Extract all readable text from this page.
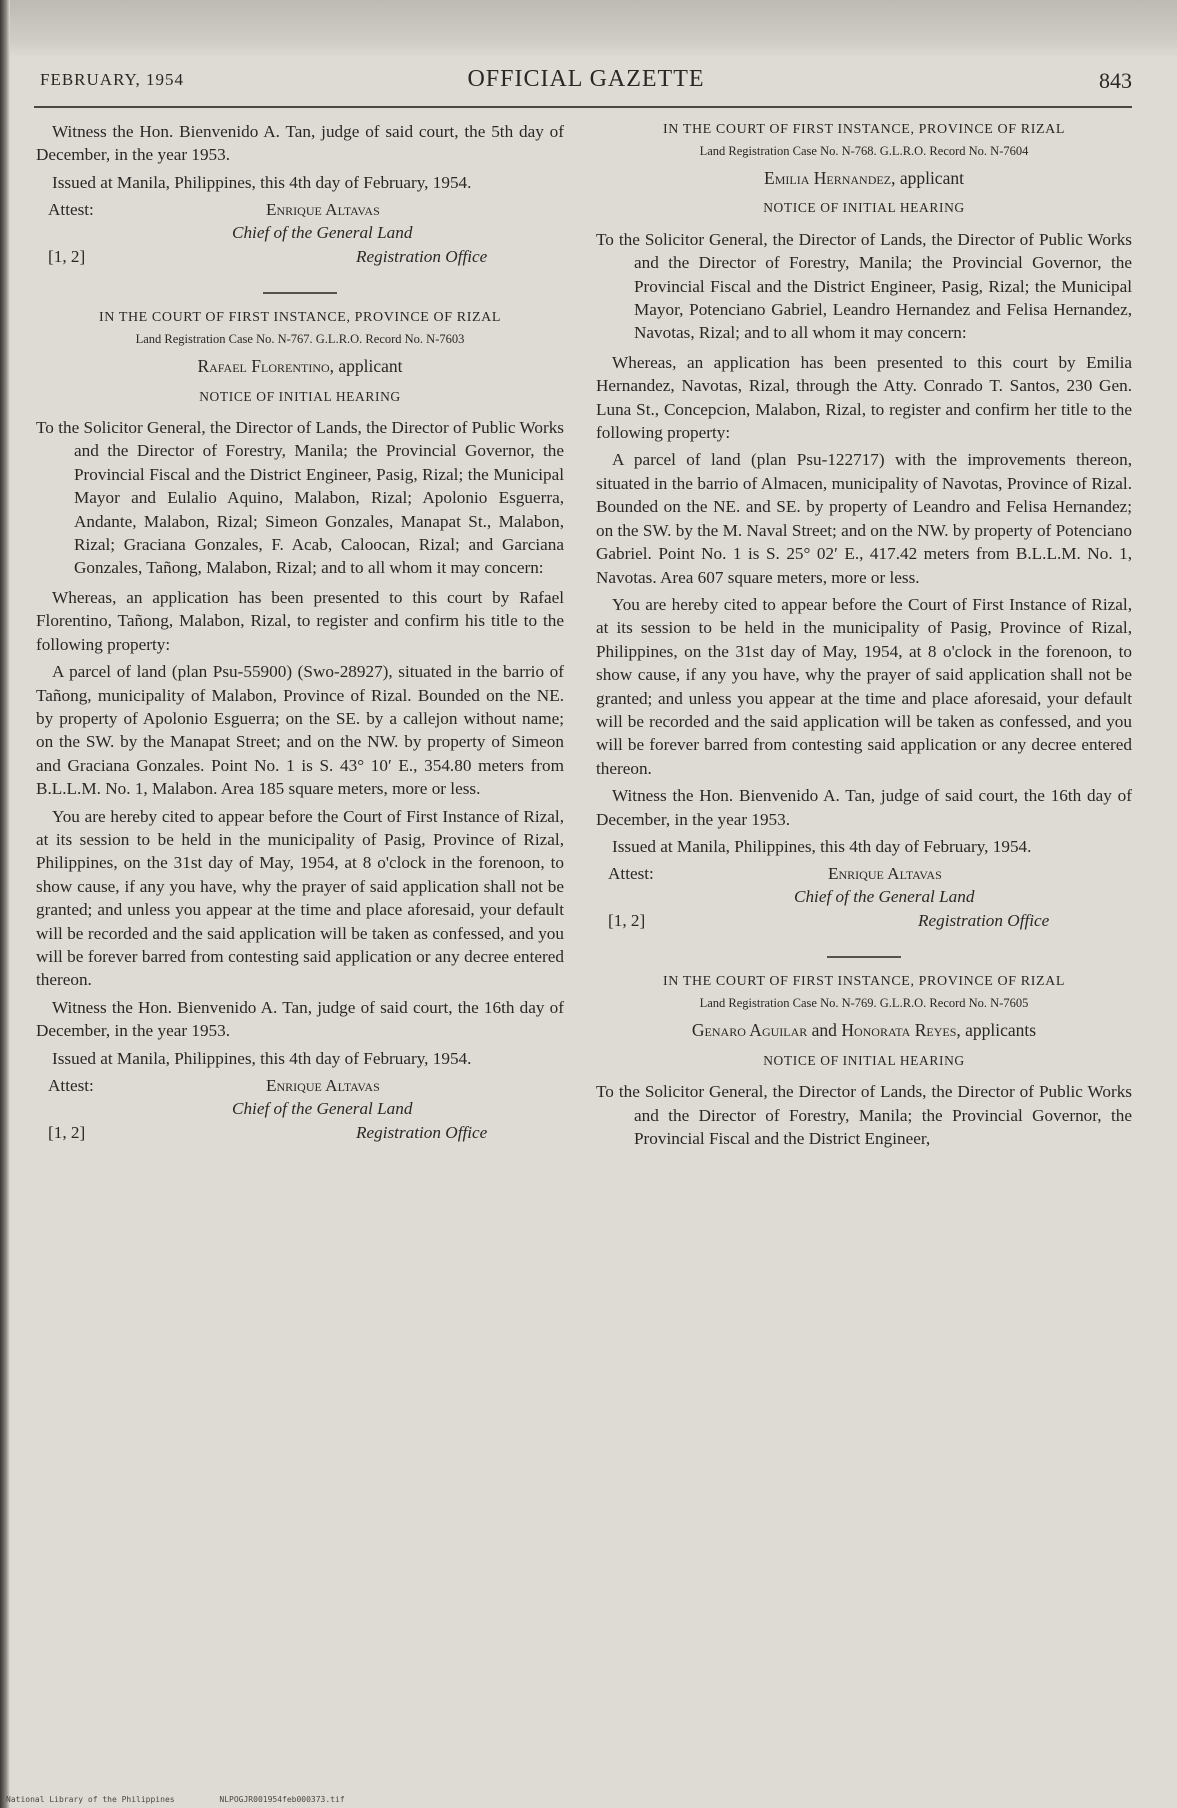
FEBRUARY, 1954	OFFICIAL GAZETTE	843

Witness the Hon. Bienvenido A. Tan, judge of said court, the 5th day of December, in the year 1953.

Issued at Manila, Philippines, this 4th day of February, 1954.

Attest:	Enrique Altavas
Chief of the General Land
[1, 2]	Registration Office
IN THE COURT OF FIRST INSTANCE, PROVINCE OF RIZAL
Land Registration Case No. N-767. G.L.R.O. Record No. N-7603
Rafael Florentino, applicant
NOTICE OF INITIAL HEARING

To the Solicitor General, the Director of Lands, the Director of Public Works and the Director of Forestry, Manila; the Provincial Governor, the Provincial Fiscal and the District Engineer, Pasig, Rizal; the Municipal Mayor and Eulalio Aquino, Malabon, Rizal; Apolonio Esguerra, Andante, Malabon, Rizal; Simeon Gonzales, Manapat St., Malabon, Rizal; Graciana Gonzales, F. Acab, Caloocan, Rizal; and Garciana Gonzales, Tañong, Malabon, Rizal; and to all whom it may concern:

Whereas, an application has been presented to this court by Rafael Florentino, Tañong, Malabon, Rizal, to register and confirm his title to the following property:

A parcel of land (plan Psu-55900) (Swo-28927), situated in the barrio of Tañong, municipality of Malabon, Province of Rizal. Bounded on the NE. by property of Apolonio Esguerra; on the SE. by a callejon without name; on the SW. by the Manapat Street; and on the NW. by property of Simeon and Graciana Gonzales. Point No. 1 is S. 43° 10′ E., 354.80 meters from B.L.L.M. No. 1, Malabon. Area 185 square meters, more or less.

You are hereby cited to appear before the Court of First Instance of Rizal, at its session to be held in the municipality of Pasig, Province of Rizal, Philippines, on the 31st day of May, 1954, at 8 o'clock in the forenoon, to show cause, if any you have, why the prayer of said application shall not be granted; and unless you appear at the time and place aforesaid, your default will be recorded and the said application will be taken as confessed, and you will be forever barred from contesting said application or any decree entered thereon.

Witness the Hon. Bienvenido A. Tan, judge of said court, the 16th day of December, in the year 1953.

Issued at Manila, Philippines, this 4th day of February, 1954.

Attest:	Enrique Altavas
Chief of the General Land
[1, 2]	Registration Office
IN THE COURT OF FIRST INSTANCE, PROVINCE OF RIZAL
Land Registration Case No. N-768. G.L.R.O. Record No. N-7604
Emilia Hernandez, applicant
NOTICE OF INITIAL HEARING

To the Solicitor General, the Director of Lands, the Director of Public Works and the Director of Forestry, Manila; the Provincial Governor, the Provincial Fiscal and the District Engineer, Pasig, Rizal; the Municipal Mayor, Potenciano Gabriel, Leandro Hernandez and Felisa Hernandez, Navotas, Rizal; and to all whom it may concern:

Whereas, an application has been presented to this court by Emilia Hernandez, Navotas, Rizal, through the Atty. Conrado T. Santos, 230 Gen. Luna St., Concepcion, Malabon, Rizal, to register and confirm her title to the following property:

A parcel of land (plan Psu-122717) with the improvements thereon, situated in the barrio of Almacen, municipality of Navotas, Province of Rizal. Bounded on the NE. and SE. by property of Leandro and Felisa Hernandez; on the SW. by the M. Naval Street; and on the NW. by property of Potenciano Gabriel. Point No. 1 is S. 25° 02′ E., 417.42 meters from B.L.L.M. No. 1, Navotas. Area 607 square meters, more or less.

You are hereby cited to appear before the Court of First Instance of Rizal, at its session to be held in the municipality of Pasig, Province of Rizal, Philippines, on the 31st day of May, 1954, at 8 o'clock in the forenoon, to show cause, if any you have, why the prayer of said application shall not be granted; and unless you appear at the time and place aforesaid, your default will be recorded and the said application will be taken as confessed, and you will be forever barred from contesting said application or any decree entered thereon.

Witness the Hon. Bienvenido A. Tan, judge of said court, the 16th day of December, in the year 1953.

Issued at Manila, Philippines, this 4th day of February, 1954.

Attest:	Enrique Altavas
Chief of the General Land
[1, 2]	Registration Office
IN THE COURT OF FIRST INSTANCE, PROVINCE OF RIZAL
Land Registration Case No. N-769. G.L.R.O. Record No. N-7605
Genaro Aguilar and Honorata Reyes, applicants
NOTICE OF INITIAL HEARING

To the Solicitor General, the Director of Lands, the Director of Public Works and the Director of Forestry, Manila; the Provincial Governor, the Provincial Fiscal and the District Engineer,

National Library of the Philippines	NLPOGJR001954feb000373.tif
